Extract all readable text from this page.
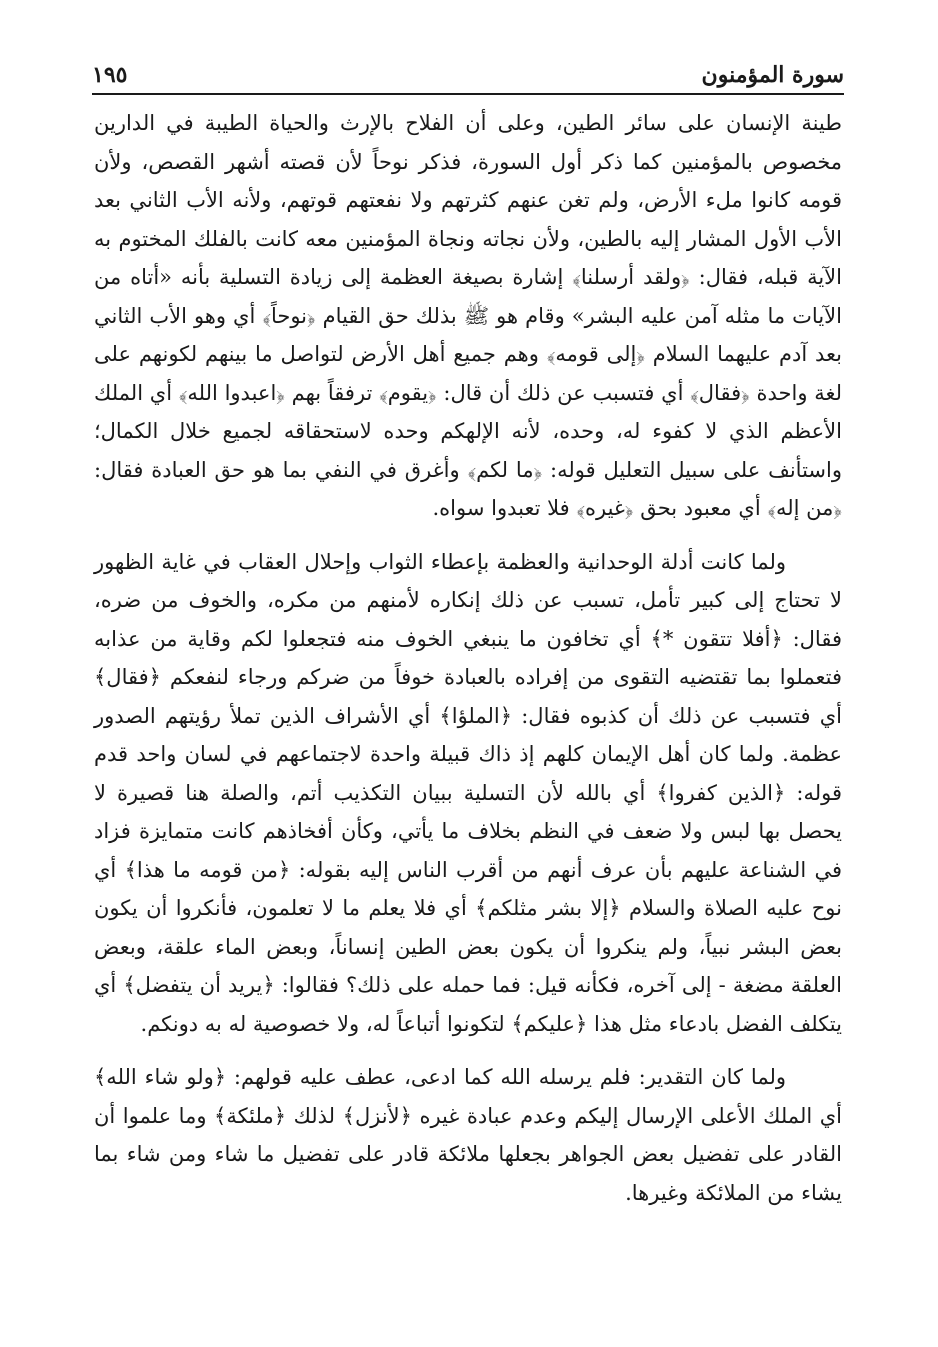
سورة المؤمنون
١٩٥

طينة الإنسان على سائر الطين، وعلى أن الفلاح بالإرث والحياة الطيبة في الدارين مخصوص بالمؤمنين كما ذكر أول السورة، فذكر نوحاً لأن قصته أشهر القصص، ولأن قومه كانوا ملء الأرض، ولم تغن عنهم كثرتهم ولا نفعتهم قوتهم، ولأنه الأب الثاني بعد الأب الأول المشار إليه بالطين، ولأن نجاته ونجاة المؤمنين معه كانت بالفلك المختوم به الآية قبله، فقال: ﴿ولقد أرسلنا﴾ إشارة بصيغة العظمة إلى زيادة التسلية بأنه «أتاه من الآيات ما مثله آمن عليه البشر» وقام هو ﷺ بذلك حق القيام ﴿نوحاً﴾ أي وهو الأب الثاني بعد آدم عليهما السلام ﴿إلى قومه﴾ وهم جميع أهل الأرض لتواصل ما بينهم لكونهم على لغة واحدة ﴿فقال﴾ أي فتسبب عن ذلك أن قال: ﴿يقوم﴾ ترفقاً بهم ﴿اعبدوا الله﴾ أي الملك الأعظم الذي لا كفوء له، وحده، لأنه الإلهكم وحده لاستحقاقه لجميع خلال الكمال؛ واستأنف على سبيل التعليل قوله: ﴿ما لكم﴾ وأغرق في النفي بما هو حق العبادة فقال: ﴿من إله﴾ أي معبود بحق ﴿غيره﴾ فلا تعبدوا سواه.

ولما كانت أدلة الوحدانية والعظمة بإعطاء الثواب وإحلال العقاب في غاية الظهور لا تحتاج إلى كبير تأمل، تسبب عن ذلك إنكاره لأمنهم من مكره، والخوف من ضره، فقال: ﴿أفلا تتقون *﴾ أي تخافون ما ينبغي الخوف منه فتجعلوا لكم وقاية من عذابه فتعملوا بما تقتضيه التقوى من إفراده بالعبادة خوفاً من ضركم ورجاء لنفعكم ﴿فقال﴾ أي فتسبب عن ذلك أن كذبوه فقال: ﴿الملؤا﴾ أي الأشراف الذين تملأ رؤيتهم الصدور عظمة. ولما كان أهل الإيمان كلهم إذ ذاك قبيلة واحدة لاجتماعهم في لسان واحد قدم قوله: ﴿الذين كفروا﴾ أي بالله لأن التسلية ببيان التكذيب أتم، والصلة هنا قصيرة لا يحصل بها لبس ولا ضعف في النظم بخلاف ما يأتي، وكأن أفخاذهم كانت متمايزة فزاد في الشناعة عليهم بأن عرف أنهم من أقرب الناس إليه بقوله: ﴿من قومه ما هذا﴾ أي نوح عليه الصلاة والسلام ﴿إلا بشر مثلكم﴾ أي فلا يعلم ما لا تعلمون، فأنكروا أن يكون بعض البشر نبياً، ولم ينكروا أن يكون بعض الطين إنساناً، وبعض الماء علقة، وبعض العلقة مضغة - إلى آخره، فكأنه قيل: فما حمله على ذلك؟ فقالوا: ﴿يريد أن يتفضل﴾ أي يتكلف الفضل بادعاء مثل هذا ﴿عليكم﴾ لتكونوا أتباعاً له، ولا خصوصية له به دونكم.

ولما كان التقدير: فلم يرسله الله كما ادعى، عطف عليه قولهم: ﴿ولو شاء الله﴾ أي الملك الأعلى الإرسال إليكم وعدم عبادة غيره ﴿لأنزل﴾ لذلك ﴿ملئكة﴾ وما علموا أن القادر على تفضيل بعض الجواهر بجعلها ملائكة قادر على تفضيل ما شاء ومن شاء بما يشاء من الملائكة وغيرها.
